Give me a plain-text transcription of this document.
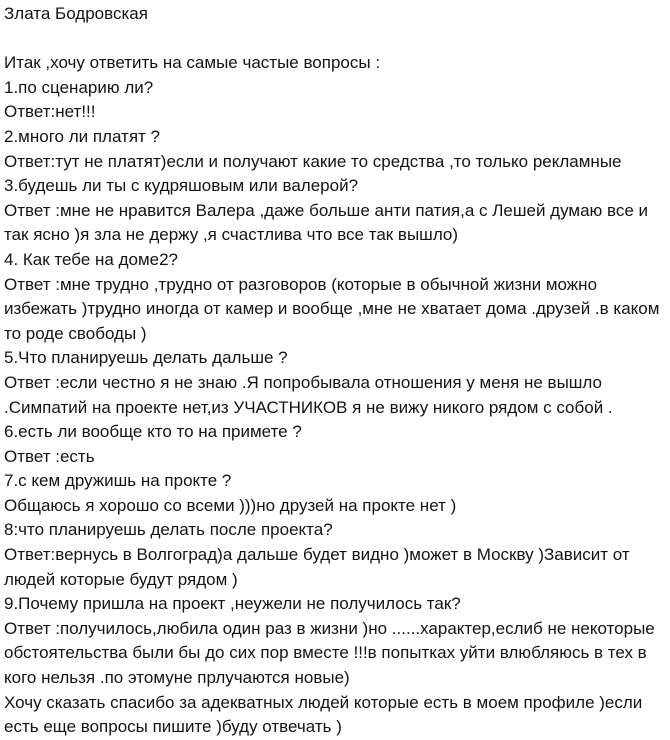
Злата Бодровская

Итак ,хочу ответить на самые частые вопросы :

1.по сценарию ли?

Ответ:нет!!!

2.много ли платят ?

Ответ:тут не платят)если и получают какие то средства ,то только рекламные

3.будешь ли ты с кудряшовым или валерой?

Ответ :мне не нравится Валера ,даже больше анти патия,а с Лешей думаю все и

так ясно )я зла не держу ,я счастлива что все так вышло)

4. Как тебе на доме2?

Ответ :мне трудно ,трудно от разговоров (которые в обычной жизни можно

избежать )трудно иногда от камер и вообще ,мне не хватает дома .друзей .в каком

то роде свободы )

5.Что планируешь делать дальше ?

Ответ :если честно я не знаю .Я попробывала отношения у меня не вышло

.Симпатий на проекте нет,из УЧАСТНИКОВ я не вижу никого рядом с собой .

6.есть ли вообще кто то на примете ?

Ответ :есть

7.с кем дружишь на прокте ?

Общаюсь я хорошо со всеми )))но друзей на прокте нет )

8:что планируешь делать после проекта?

Ответ:вернусь в Волгоград)а дальше будет видно )может в Москву )Зависит от

людей которые будут рядом )

9.Почему пришла на проект ,неужели не получилось так?

Ответ :получилось,любила один раз в жизни )но ......характер,еслиб не некоторые

обстоятельства были бы до сих пор вместе !!!в попытках уйти влюбляюсь в тех в

кого нельзя .по этомуне прлучаются новые)

Хочу сказать спасибо за адекватных людей которые есть в моем профиле )если

есть еще вопросы пишите )буду отвечать )
